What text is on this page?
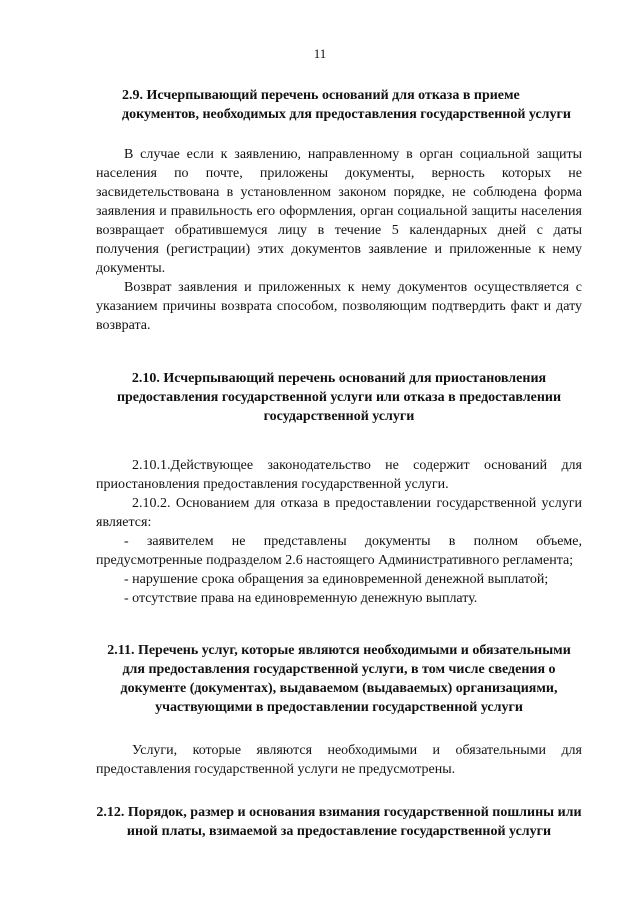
11

2.9. Исчерпывающий перечень оснований для отказа в приеме документов, необходимых для предоставления государственной услуги

В случае если к заявлению, направленному в орган социальной защиты населения по почте, приложены документы, верность которых не засвидетельствована в установленном законом порядке, не соблюдена форма заявления и правильность его оформления, орган социальной защиты населения возвращает обратившемуся лицу в течение 5 календарных дней с даты получения (регистрации) этих документов заявление и приложенные к нему документы.

Возврат заявления и приложенных к нему документов осуществляется с указанием причины возврата способом, позволяющим подтвердить факт и дату возврата.

2.10. Исчерпывающий перечень оснований для приостановления предоставления государственной услуги или отказа в предоставлении государственной услуги

2.10.1.Действующее законодательство не содержит оснований для приостановления предоставления государственной услуги.

2.10.2. Основанием для отказа в предоставлении государственной услуги является:

- заявителем не представлены документы в полном объеме, предусмотренные подразделом 2.6 настоящего Административного регламента;

- нарушение срока обращения за единовременной денежной выплатой;

- отсутствие права на единовременную денежную выплату.

2.11. Перечень услуг, которые являются необходимыми и обязательными для предоставления государственной услуги, в том числе сведения о документе (документах), выдаваемом (выдаваемых) организациями, участвующими в предоставлении государственной услуги

Услуги, которые являются необходимыми и обязательными для предоставления государственной услуги не предусмотрены.

2.12. Порядок, размер и основания взимания государственной пошлины или иной платы, взимаемой за предоставление государственной услуги
